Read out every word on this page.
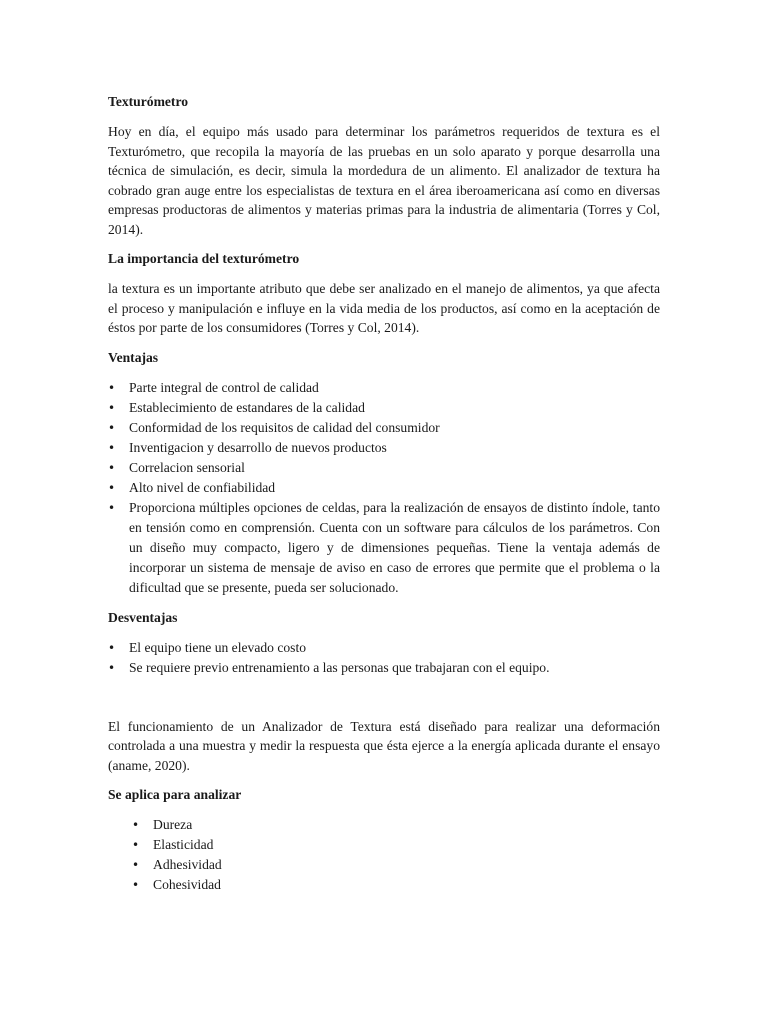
Texturómetro

Hoy en día, el equipo más usado para determinar los parámetros requeridos de textura es el Texturómetro, que recopila la mayoría de las pruebas en un solo aparato y porque desarrolla una técnica de simulación, es decir, simula la mordedura de un alimento. El analizador de textura ha cobrado gran auge entre los especialistas de textura en el área iberoamericana así como en diversas empresas productoras de alimentos y materias primas para la industria de alimentaria (Torres y Col, 2014).

La importancia del texturómetro

la textura es un importante atributo que debe ser analizado en el manejo de alimentos, ya que afecta el proceso y manipulación e influye en la vida media de los productos, así como en la aceptación de éstos por parte de los consumidores (Torres y Col, 2014).

Ventajas
• Parte integral de control de calidad
• Establecimiento de estandares de la calidad
• Conformidad de los requisitos de calidad del consumidor
• Inventigacion y desarrollo de nuevos productos
• Correlacion sensorial
• Alto nivel de confiabilidad
• Proporciona múltiples opciones de celdas, para la realización de ensayos de distinto índole, tanto en tensión como en comprensión. Cuenta con un software para cálculos de los parámetros. Con un diseño muy compacto, ligero y de dimensiones pequeñas. Tiene la ventaja además de incorporar un sistema de mensaje de aviso en caso de errores que permite que el problema o la dificultad que se presente, pueda ser solucionado.
Desventajas
• El equipo tiene un elevado costo
• Se requiere previo entrenamiento a las personas que trabajaran con el equipo.

El funcionamiento de un Analizador de Textura está diseñado para realizar una deformación controlada a una muestra y medir la respuesta que ésta ejerce a la energía aplicada durante el ensayo (aname, 2020).

Se aplica para analizar
• Dureza
• Elasticidad
• Adhesividad
• Cohesividad
